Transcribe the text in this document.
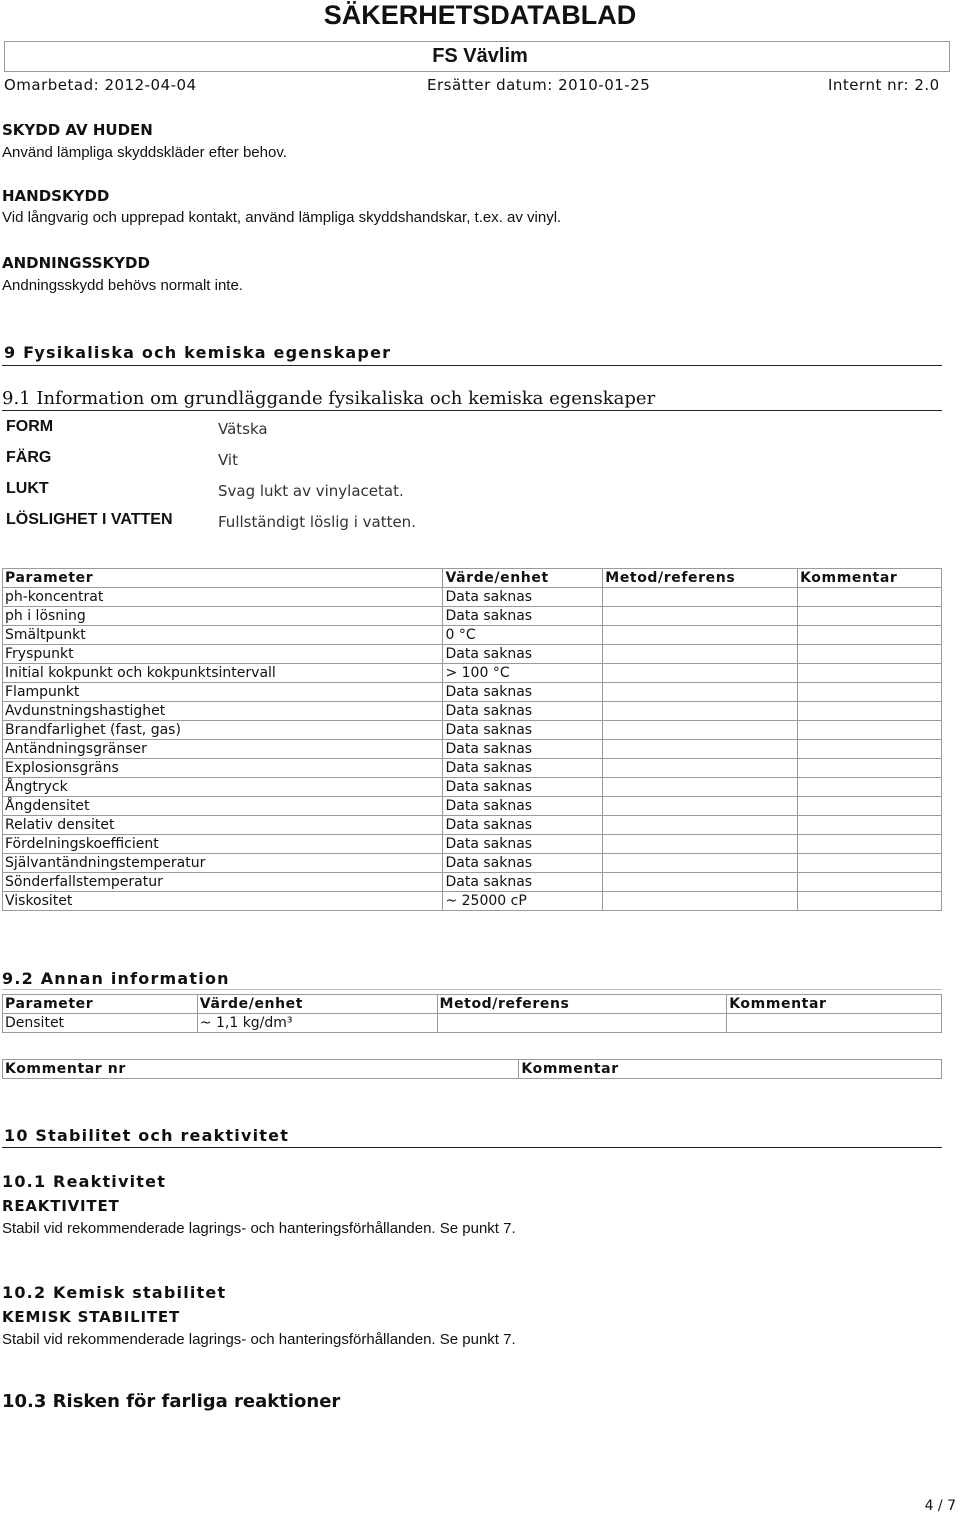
SÄKERHETSDATABLAD
FS Vävlim
Omarbetad: 2012-04-04	Ersätter datum: 2010-01-25	Internt nr: 2.0
SKYDD AV HUDEN
Använd lämpliga skyddskläder efter behov.
HANDSKYDD
Vid långvarig och upprepad kontakt, använd lämpliga skyddshandskar, t.ex. av vinyl.
ANDNINGSSKYDD
Andningsskydd behövs normalt inte.
9 Fysikaliska och kemiska egenskaper
9.1 Information om grundläggande fysikaliska och kemiska egenskaper
FORM	Vätska
FÄRG	Vit
LUKT	Svag lukt av vinylacetat.
LÖSLIGHET I VATTEN	Fullständigt löslig i vatten.
Parameter	Värde/enhet	Metod/referens	Kommentar
ph-koncentrat	Data saknas		
ph i lösning	Data saknas		
Smältpunkt	0 °C		
Fryspunkt	Data saknas		
Initial kokpunkt och kokpunktsintervall	> 100 °C		
Flampunkt	Data saknas		
Avdunstningshastighet	Data saknas		
Brandfarlighet (fast, gas)	Data saknas		
Antändningsgränser	Data saknas		
Explosionsgräns	Data saknas		
Ångtryck	Data saknas		
Ångdensitet	Data saknas		
Relativ densitet	Data saknas		
Fördelningskoefficient	Data saknas		
Självantändningstemperatur	Data saknas		
Sönderfallstemperatur	Data saknas		
Viskositet	~ 25000 cP		
9.2 Annan information
Parameter	Värde/enhet	Metod/referens	Kommentar
Densitet	~ 1,1 kg/dm³		
Kommentar nr	Kommentar
10 Stabilitet och reaktivitet
10.1 Reaktivitet
REAKTIVITET
Stabil vid rekommenderade lagrings- och hanteringsförhållanden. Se punkt 7.
10.2 Kemisk stabilitet
KEMISK STABILITET
Stabil vid rekommenderade lagrings- och hanteringsförhållanden. Se punkt 7.
10.3 Risken för farliga reaktioner
4 / 7
